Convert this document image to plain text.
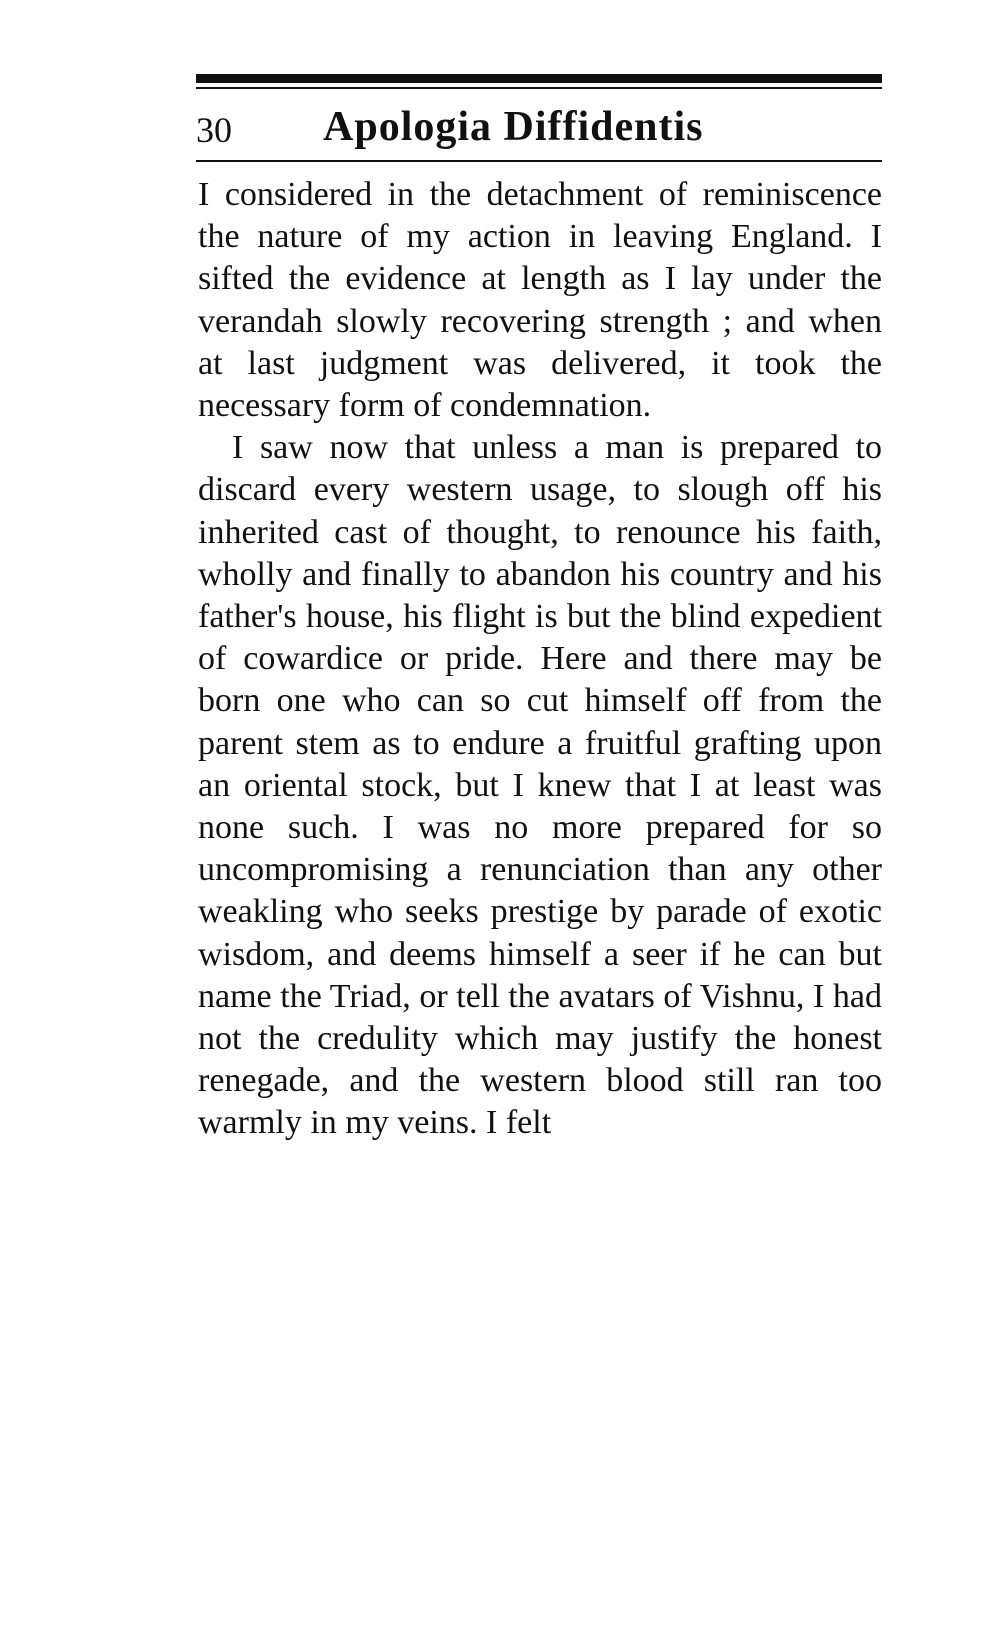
30 Apologia Diffidentis

I considered in the detachment of reminiscence the nature of my action in leaving England. I sifted the evidence at length as I lay under the verandah slowly recovering strength ; and when at last judgment was delivered, it took the necessary form of condemnation.

I saw now that unless a man is prepared to discard every western usage, to slough off his inherited cast of thought, to renounce his faith, wholly and finally to abandon his country and his father's house, his flight is but the blind expedient of cowardice or pride. Here and there may be born one who can so cut himself off from the parent stem as to endure a fruitful grafting upon an oriental stock, but I knew that I at least was none such. I was no more prepared for so uncompromising a renunciation than any other weakling who seeks prestige by parade of exotic wisdom, and deems himself a seer if he can but name the Triad, or tell the avatars of Vishnu, I had not the credulity which may justify the honest renegade, and the western blood still ran too warmly in my veins. I felt
